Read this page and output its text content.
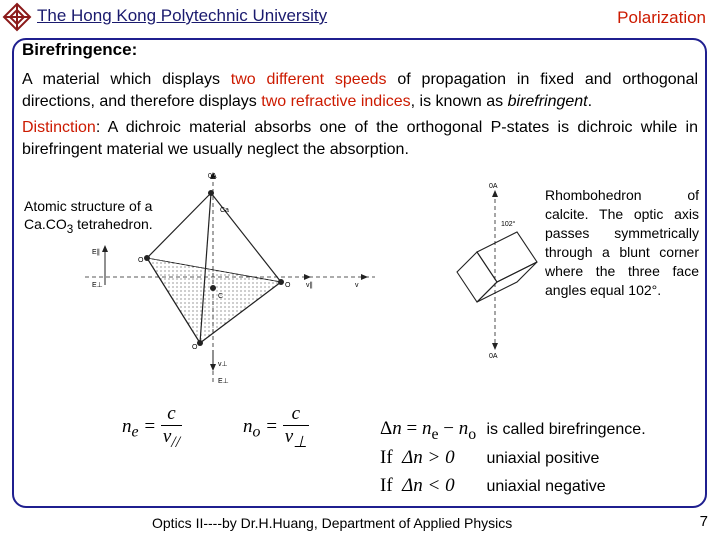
The Hong Kong Polytechnic University	Polarization
Birefringence:
A material which displays two different speeds of propagation in fixed and orthogonal directions, and therefore displays two refractive indices, is known as birefringent.
Distinction: A dichroic material absorbs one of the orthogonal P-states is dichroic while in birefringent material we usually neglect the absorption.
Atomic structure of a $Ca.CO_3$ tetrahedron.
0A
Ca
O
C
O
O v∥	v
E∥
E⊥
v⊥
E⊥
0A
102°
0A
Rhombohedron of calcite. The optic axis passes symmetrically through a blunt corner where the three face angles equal 102°.
$n_e = \frac{c}{v_{//}}$	$n_o = \frac{c}{v_\perp}$	$\Delta n = n_e - n_o$ is called birefringence.
If Δn > 0 uniaxial positive
If Δn < 0 uniaxial negative
Optics II----by Dr.H.Huang, Department of Applied Physics	7
